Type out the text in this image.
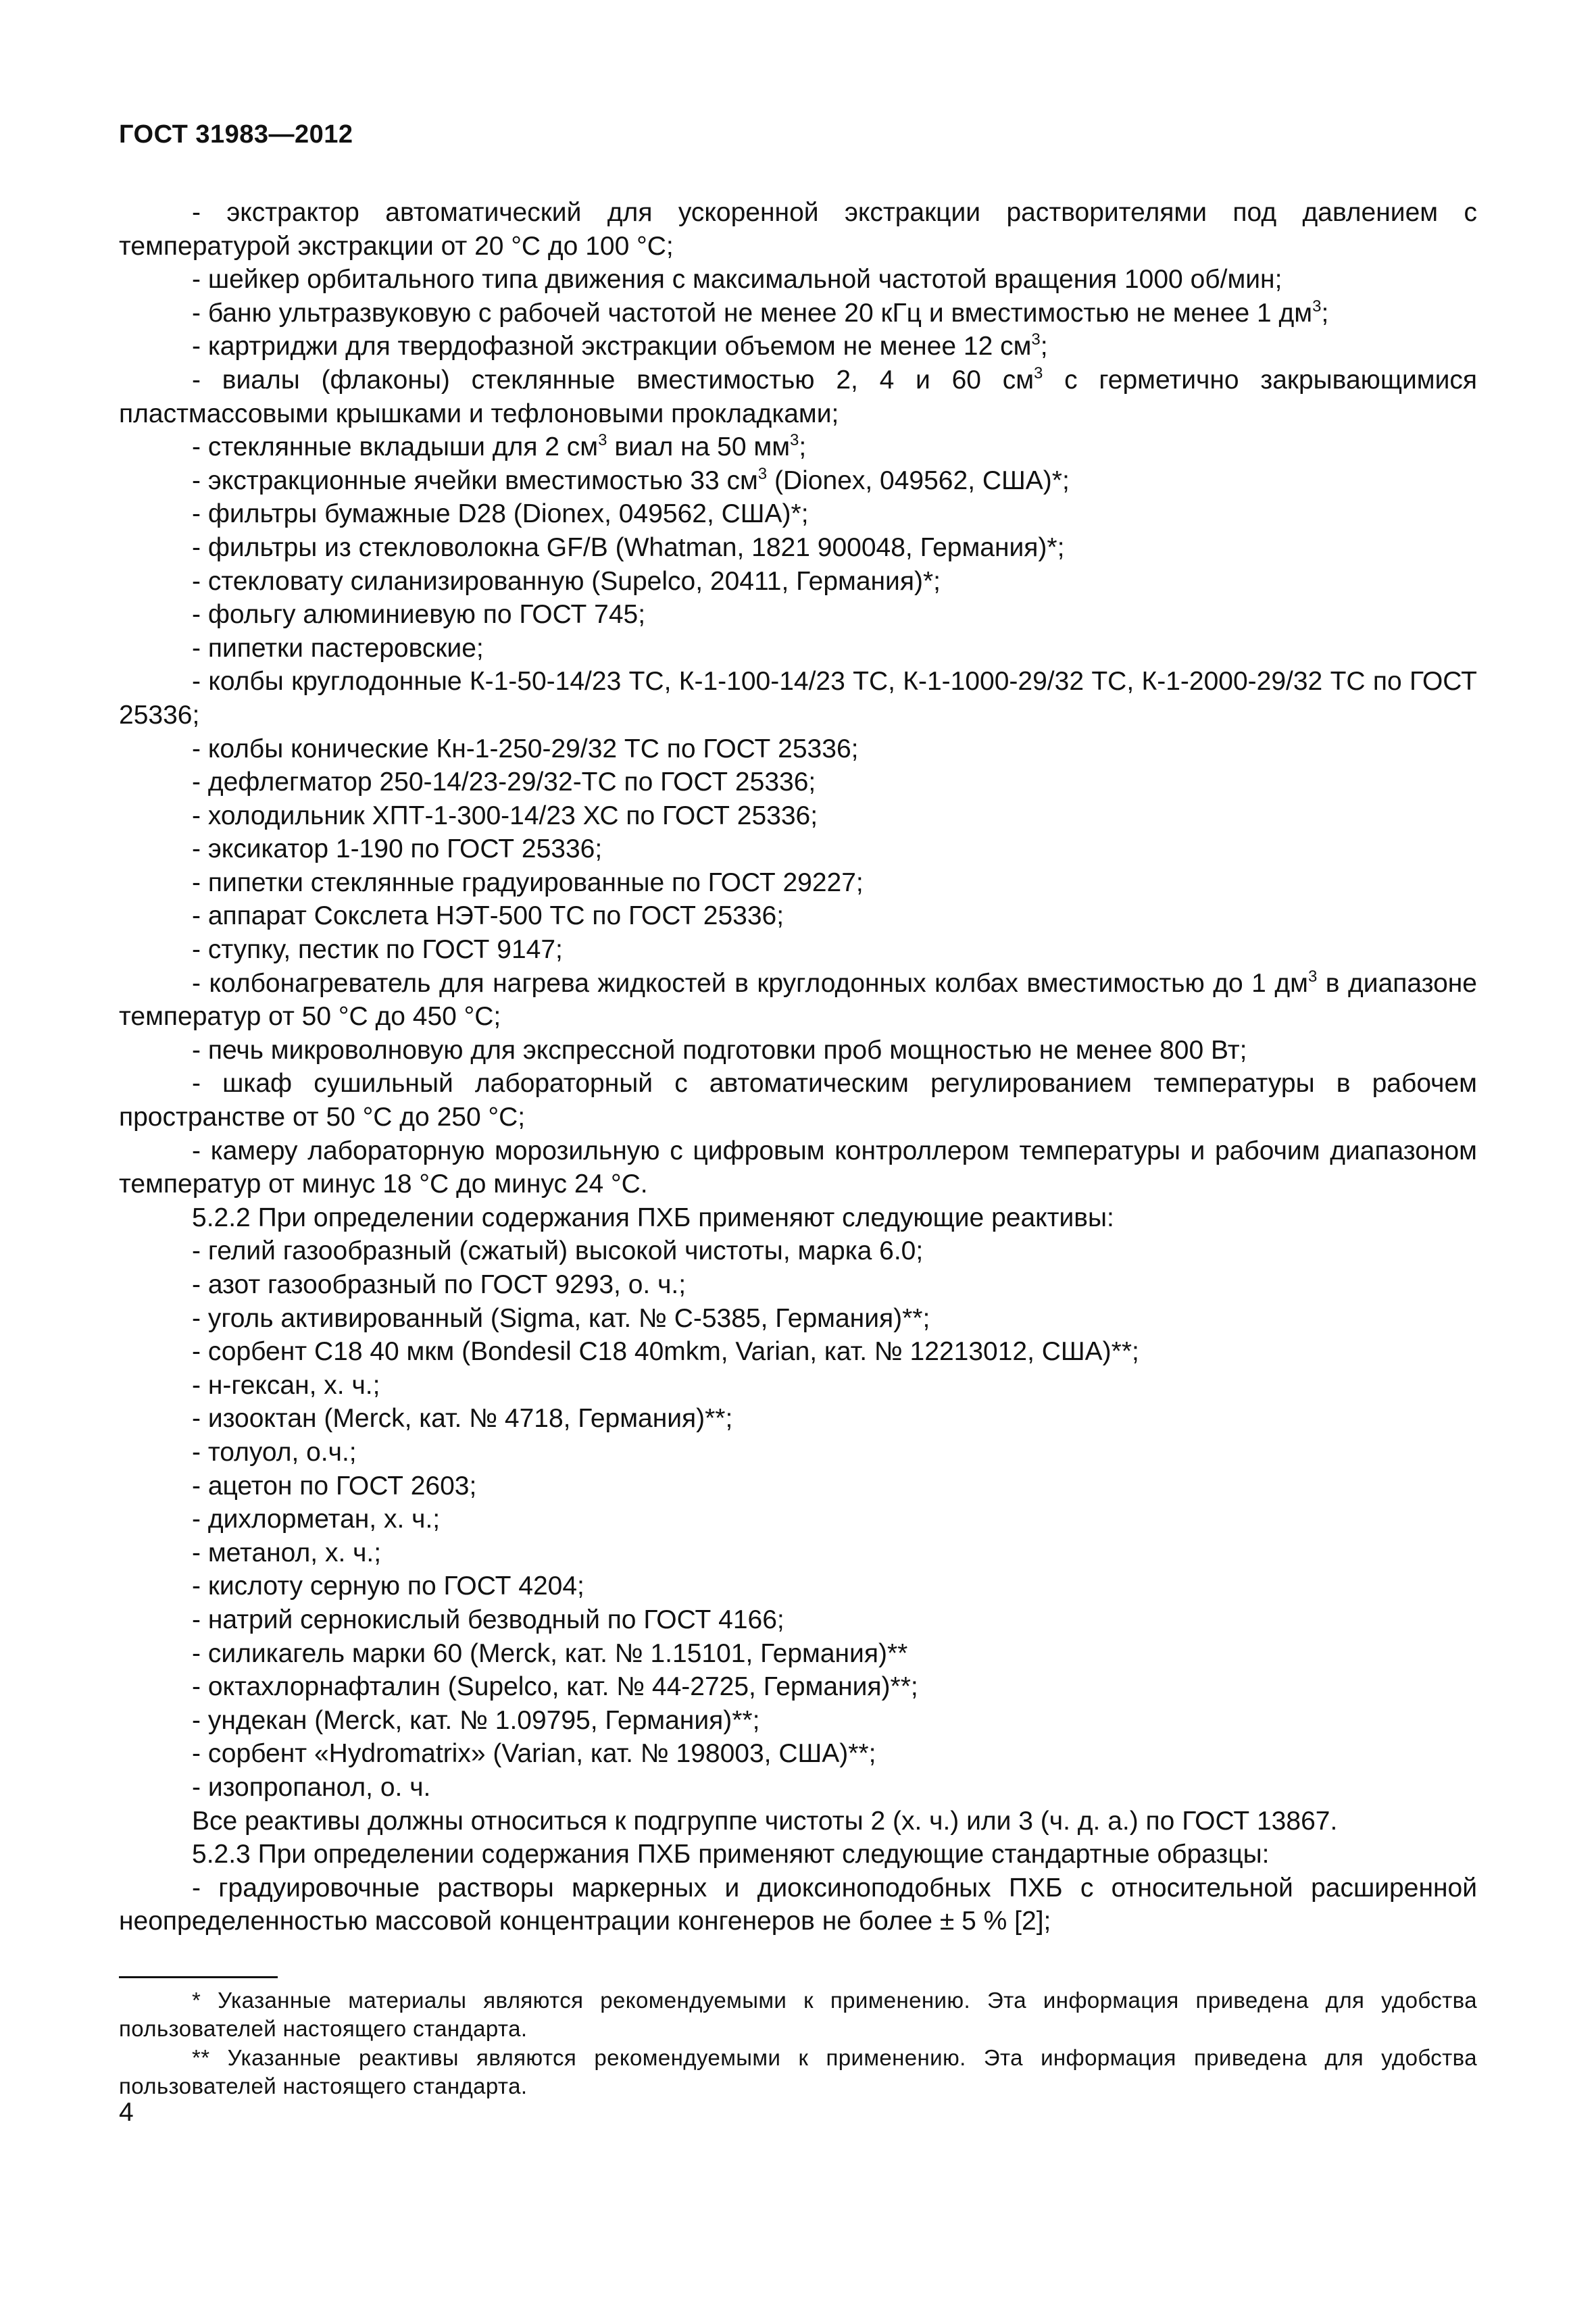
ГОСТ 31983—2012

- экстрактор автоматический для ускоренной экстракции растворителями под давлением с температурой экстракции от 20 °С до 100 °С;

- шейкер орбитального типа движения с максимальной частотой вращения 1000 об/мин;

- баню ультразвуковую с рабочей частотой не менее 20 кГц и вместимостью не менее 1 $дм^3$;

- картриджи для твердофазной экстракции объемом не менее 12 $см^3$;

- виалы (флаконы) стеклянные вместимостью 2, 4 и 60 $см^3$ с герметично закрывающимися пластмассовыми крышками и тефлоновыми прокладками;

- стеклянные вкладыши для 2 $см^3$ виал на 50 $мм^3$;

- экстракционные ячейки вместимостью 33 $см^3$ (Dionex, 049562, США)*;

- фильтры бумажные D28 (Dionex, 049562, США)*;

- фильтры из стекловолокна GF/B (Whatman, 1821 900048, Германия)*;

- стекловату силанизированную (Supelco, 20411, Германия)*;

- фольгу алюминиевую по ГОСТ 745;

- пипетки пастеровские;

- колбы круглодонные К-1-50-14/23 ТС, К-1-100-14/23 ТС, К-1-1000-29/32 ТС, К-1-2000-29/32 ТС по ГОСТ 25336;

- колбы конические Кн-1-250-29/32 ТС по ГОСТ 25336;

- дефлегматор 250-14/23-29/32-ТС по ГОСТ 25336;

- холодильник ХПТ-1-300-14/23 ХС по ГОСТ 25336;

- эксикатор 1-190 по ГОСТ 25336;

- пипетки стеклянные градуированные по ГОСТ 29227;

- аппарат Сокслета НЭТ-500 ТС по ГОСТ 25336;

- ступку, пестик по ГОСТ 9147;

- колбонагреватель для нагрева жидкостей в круглодонных колбах вместимостью до 1 $дм^3$ в диапазоне температур от 50 °С до 450 °С;

- печь микроволновую для экспрессной подготовки проб мощностью не менее 800 Вт;

- шкаф сушильный лабораторный с автоматическим регулированием температуры в рабочем пространстве от 50 °С до 250 °С;

- камеру лабораторную морозильную с цифровым контроллером температуры и рабочим диапазоном температур от минус 18 °С до минус 24 °С.

5.2.2 При определении содержания ПХБ применяют следующие реактивы:

- гелий газообразный (сжатый) высокой чистоты, марка 6.0;

- азот газообразный по ГОСТ 9293, о. ч.;

- уголь активированный (Sigma, кат. № С-5385, Германия)**;

- сорбент С18 40 мкм (Bondesil C18 40mkm, Varian, кат. № 12213012, США)**;

- н-гексан, х. ч.;

- изооктан (Merck, кат. № 4718, Германия)**;

- толуол, о.ч.;

- ацетон по ГОСТ 2603;

- дихлорметан, х. ч.;

- метанол, х. ч.;

- кислоту серную по ГОСТ 4204;

- натрий сернокислый безводный по ГОСТ 4166;

- силикагель марки 60 (Merck, кат. № 1.15101, Германия)**

- октахлорнафталин (Supelco, кат. № 44-2725, Германия)**;

- ундекан (Merck, кат. № 1.09795, Германия)**;

- сорбент «Hydromatrix» (Varian, кат. № 198003, США)**;

- изопропанол, о. ч.

Все реактивы должны относиться к подгруппе чистоты 2 (х. ч.) или 3 (ч. д. а.) по ГОСТ 13867.

5.2.3 При определении содержания ПХБ применяют следующие стандартные образцы:

- градуировочные растворы маркерных и диоксиноподобных ПХБ с относительной расширенной неопределенностью массовой концентрации конгенеров не более ± 5 % [2];

* Указанные материалы являются рекомендуемыми к применению. Эта информация приведена для удобства пользователей настоящего стандарта.

** Указанные реактивы являются рекомендуемыми к применению. Эта информация приведена для удобства пользователей настоящего стандарта.

4
